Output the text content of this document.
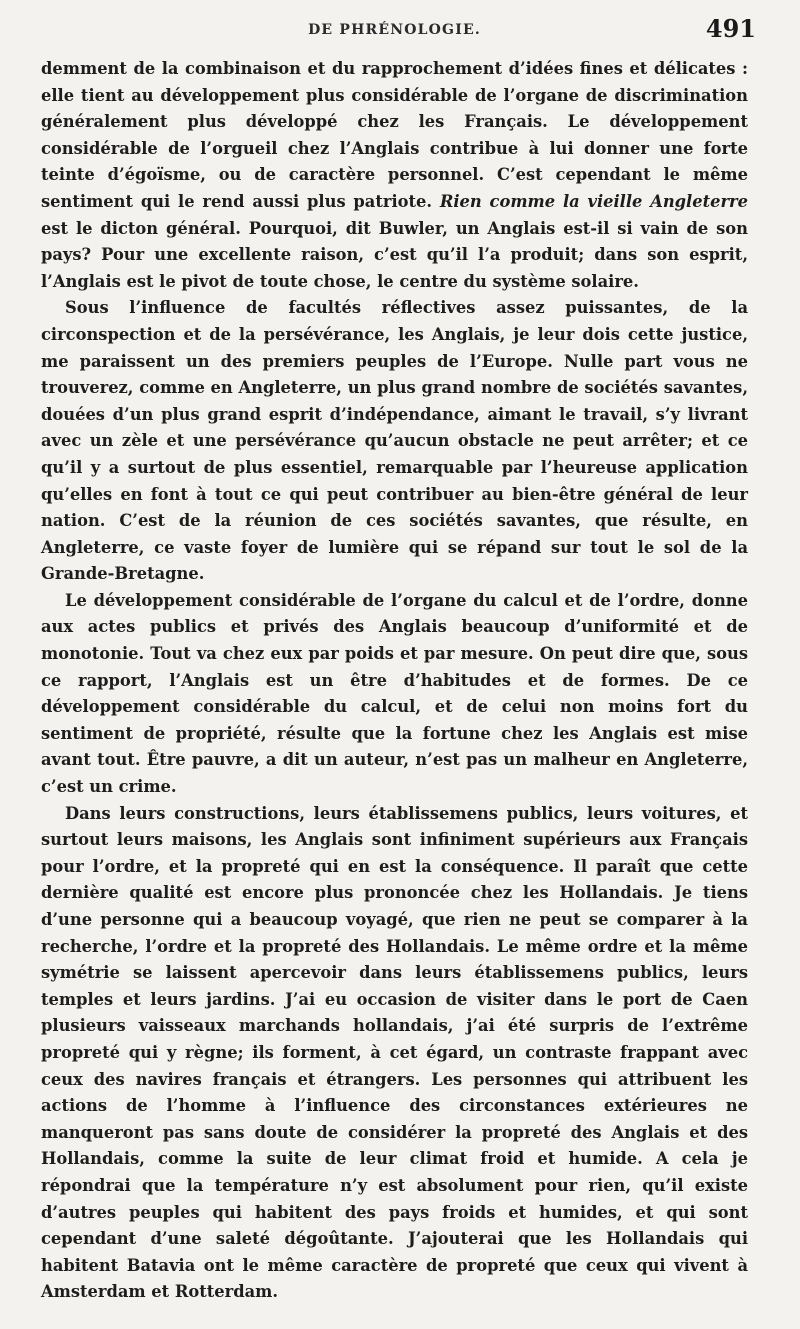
DE PHRÉNOLOGIE.	491

demment de la combinaison et du rapprochement d’idées fines et délicates : elle tient au développement plus considérable de l’organe de discrimination généralement plus développé chez les Français. Le développement considérable de l’orgueil chez l’Anglais contribue à lui donner une forte teinte d’égoïsme, ou de caractère personnel. C’est cependant le même sentiment qui le rend aussi plus patriote. Rien comme la vieille Angleterre est le dicton général. Pourquoi, dit Buwler, un Anglais est-il si vain de son pays? Pour une excellente raison, c’est qu’il l’a produit; dans son esprit, l’Anglais est le pivot de toute chose, le centre du système solaire.

Sous l’influence de facultés réflectives assez puissantes, de la circonspection et de la persévérance, les Anglais, je leur dois cette justice, me paraissent un des premiers peuples de l’Europe. Nulle part vous ne trouverez, comme en Angleterre, un plus grand nombre de sociétés savantes, douées d’un plus grand esprit d’indépendance, aimant le travail, s’y livrant avec un zèle et une persévérance qu’aucun obstacle ne peut arrêter; et ce qu’il y a surtout de plus essentiel, remarquable par l’heureuse application qu’elles en font à tout ce qui peut contribuer au bien-être général de leur nation. C’est de la réunion de ces sociétés savantes, que résulte, en Angleterre, ce vaste foyer de lumière qui se répand sur tout le sol de la Grande-Bretagne.

Le développement considérable de l’organe du calcul et de l’ordre, donne aux actes publics et privés des Anglais beaucoup d’uniformité et de monotonie. Tout va chez eux par poids et par mesure. On peut dire que, sous ce rapport, l’Anglais est un être d’habitudes et de formes. De ce développement considérable du calcul, et de celui non moins fort du sentiment de propriété, résulte que la fortune chez les Anglais est mise avant tout. Être pauvre, a dit un auteur, n’est pas un malheur en Angleterre, c’est un crime.

Dans leurs constructions, leurs établissemens publics, leurs voitures, et surtout leurs maisons, les Anglais sont infiniment supérieurs aux Français pour l’ordre, et la propreté qui en est la conséquence. Il paraît que cette dernière qualité est encore plus prononcée chez les Hollandais. Je tiens d’une personne qui a beaucoup voyagé, que rien ne peut se comparer à la recherche, l’ordre et la propreté des Hollandais. Le même ordre et la même symétrie se laissent apercevoir dans leurs établissemens publics, leurs temples et leurs jardins. J’ai eu occasion de visiter dans le port de Caen plusieurs vaisseaux marchands hollandais, j’ai été surpris de l’extrême propreté qui y règne; ils forment, à cet égard, un contraste frappant avec ceux des navires français et étrangers. Les personnes qui attribuent les actions de l’homme à l’influence des circonstances extérieures ne manqueront pas sans doute de considérer la propreté des Anglais et des Hollandais, comme la suite de leur climat froid et humide. A cela je répondrai que la température n’y est absolument pour rien, qu’il existe d’autres peuples qui habitent des pays froids et humides, et qui sont cependant d’une saleté dégoûtante. J’ajouterai que les Hollandais qui habitent Batavia ont le même caractère de propreté que ceux qui vivent à Amsterdam et Rotterdam.
